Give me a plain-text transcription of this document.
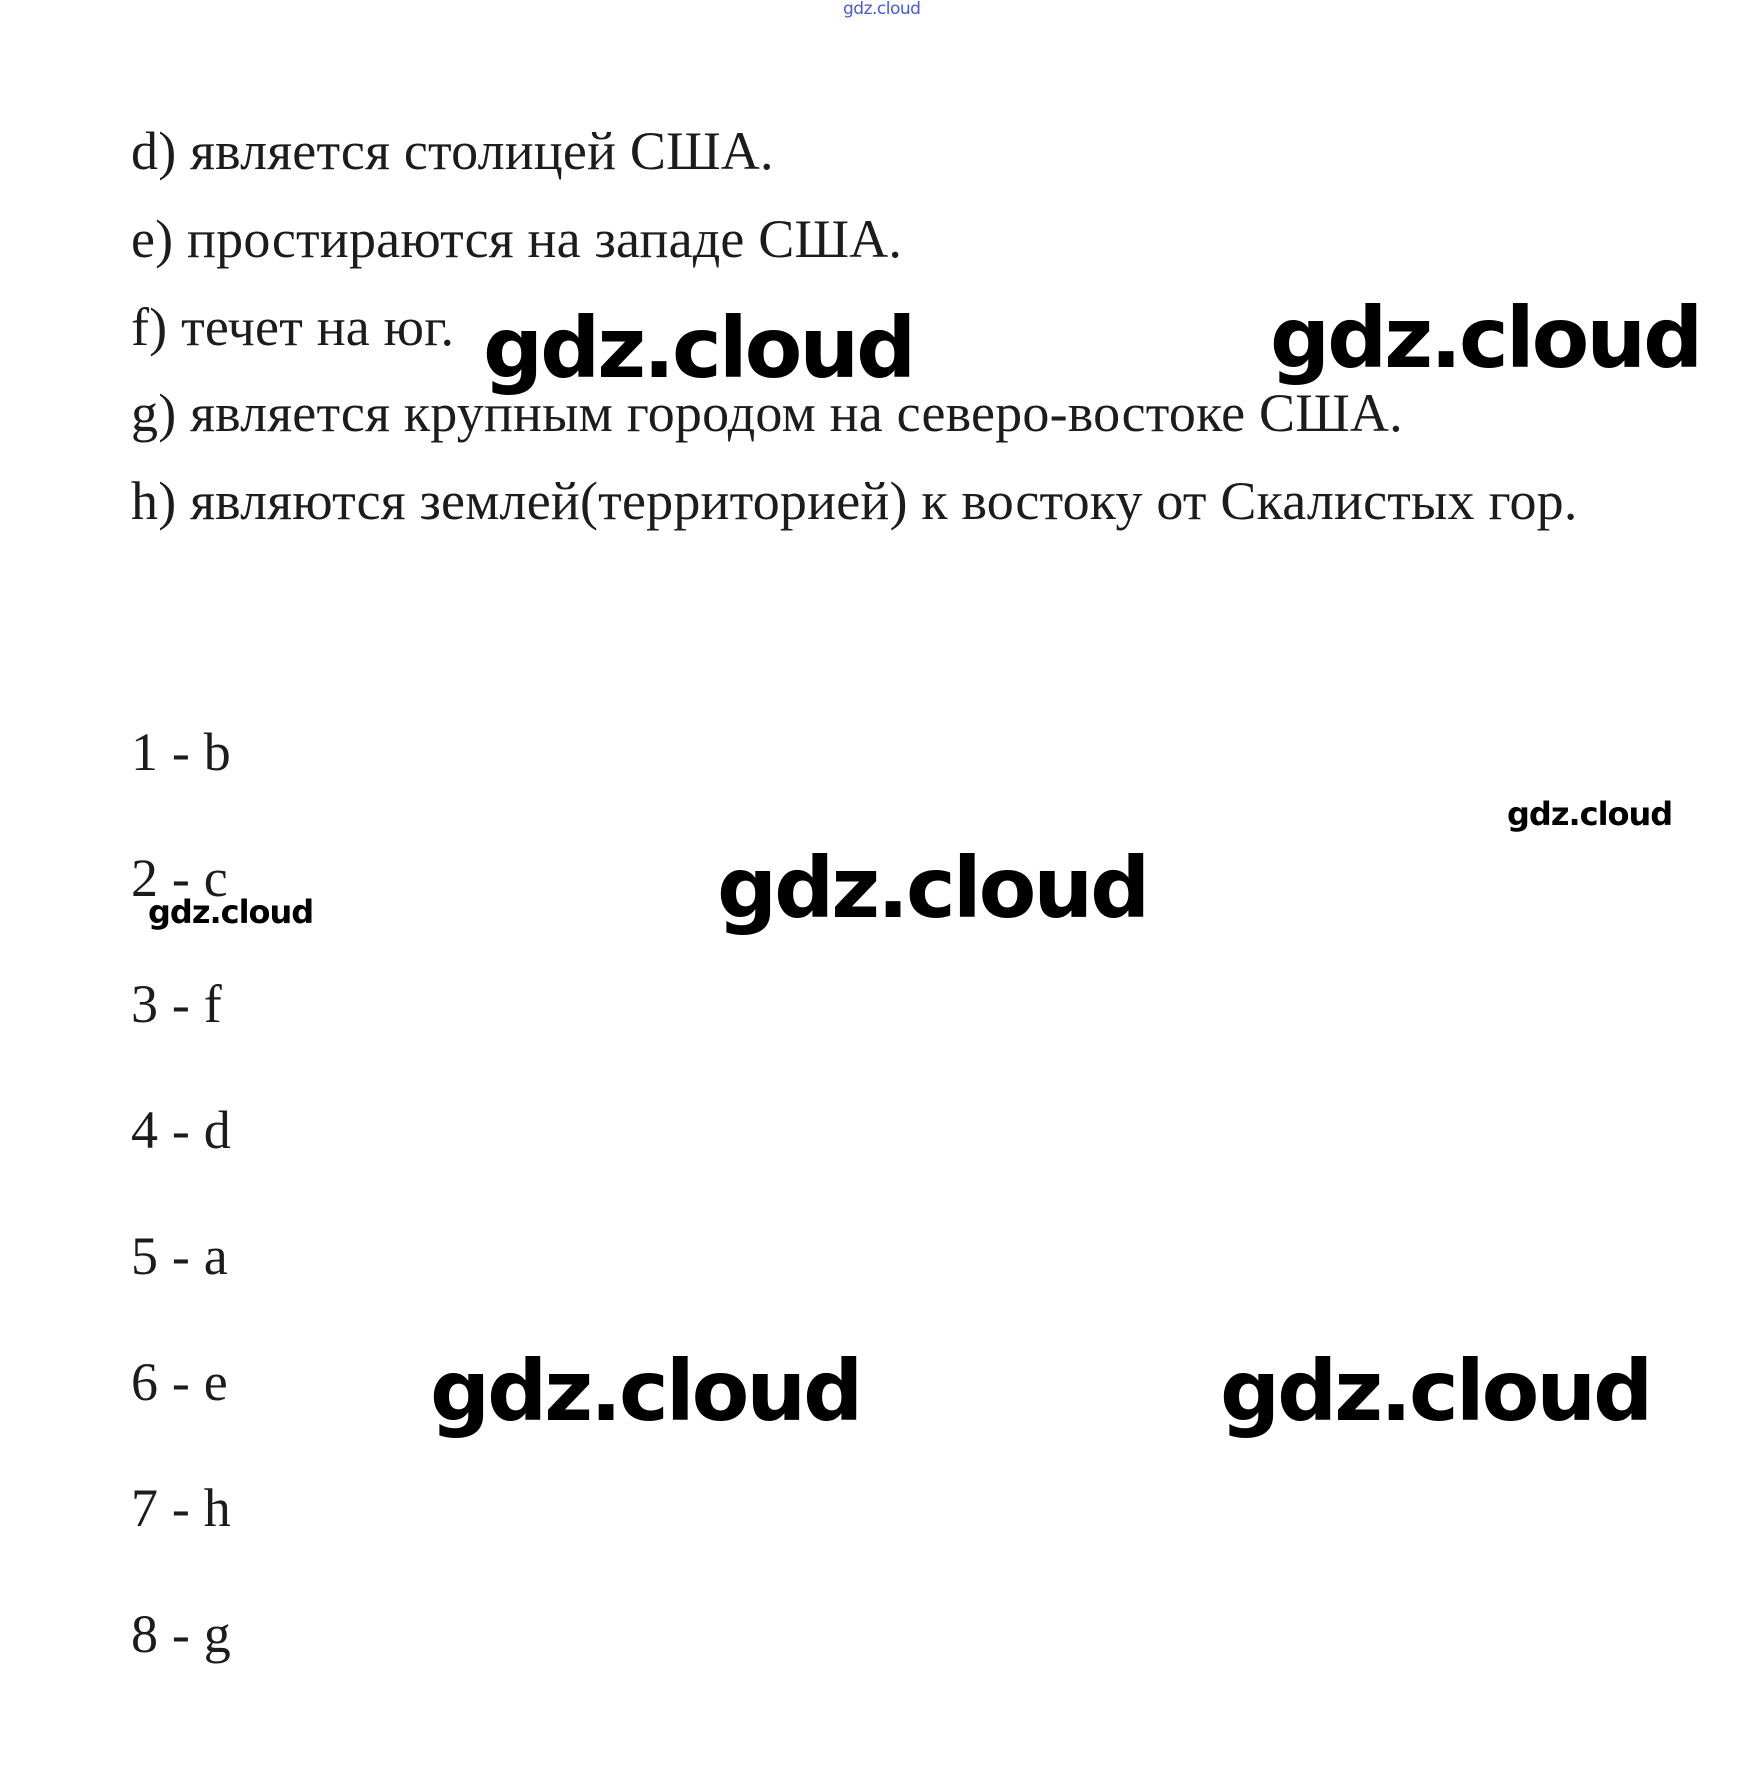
gdz.cloud
d) является столицей США.
e) простираются на западе США.
f) течет на юг.
g) является крупным городом на северо-востоке США.
h) являются землей(территорией) к востоку от Скалистых гор.
1 - b
2 - c
3 - f
4 - d
5 - a
6 - e
7 - h
8 - g
gdz.cloud	gdz.cloud
gdz.cloud
gdz.cloud
gdz.cloud
gdz.cloud	gdz.cloud
